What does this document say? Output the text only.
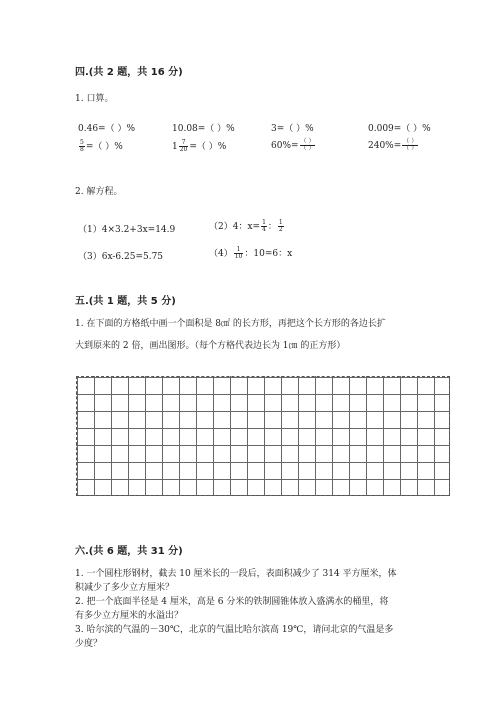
四.(共 2 题，共 16 分)
1. 口算。
0.46=（ ）%	10.08=（ ）%	3=（ ）%	0.009=（ ）%
$\frac{5}{8}$ =（ ）%	$1 \frac{7}{20}$ =（ ）%	$60\%= \frac{( )}{( )}$	$240\%= \frac{( )}{( )}$
2. 解方程。
（1）4×3.2+3x=14.9	（2）4：$x= \frac{1}{4}$ ： $\frac{1}{2}$
（3）6x-6.25=5.75	$(4) \frac{1}{10}$ ：10=6：x
五.(共 1 题，共 5 分)
1. 在下面的方格纸中画一个面积是 8㎠ 的长方形，再把这个长方形的各边长扩
大到原来的 2 倍，画出图形。（每个方格代表边长为 1㎝ 的正方形）
六.(共 6 题，共 31 分)
1. 一个圆柱形钢材，截去 10 厘米长的一段后，表面积减少了 314 平方厘米，体
积减少了多少立方厘米？
2. 把一个底面半径是 4 厘米，高是 6 分米的铁制圆锥体放入盛满水的桶里，将
有多少立方厘米的水溢出？
3. 哈尔滨的气温的－30℃，北京的气温比哈尔滨高 19℃，请问北京的气温是多
少度？
